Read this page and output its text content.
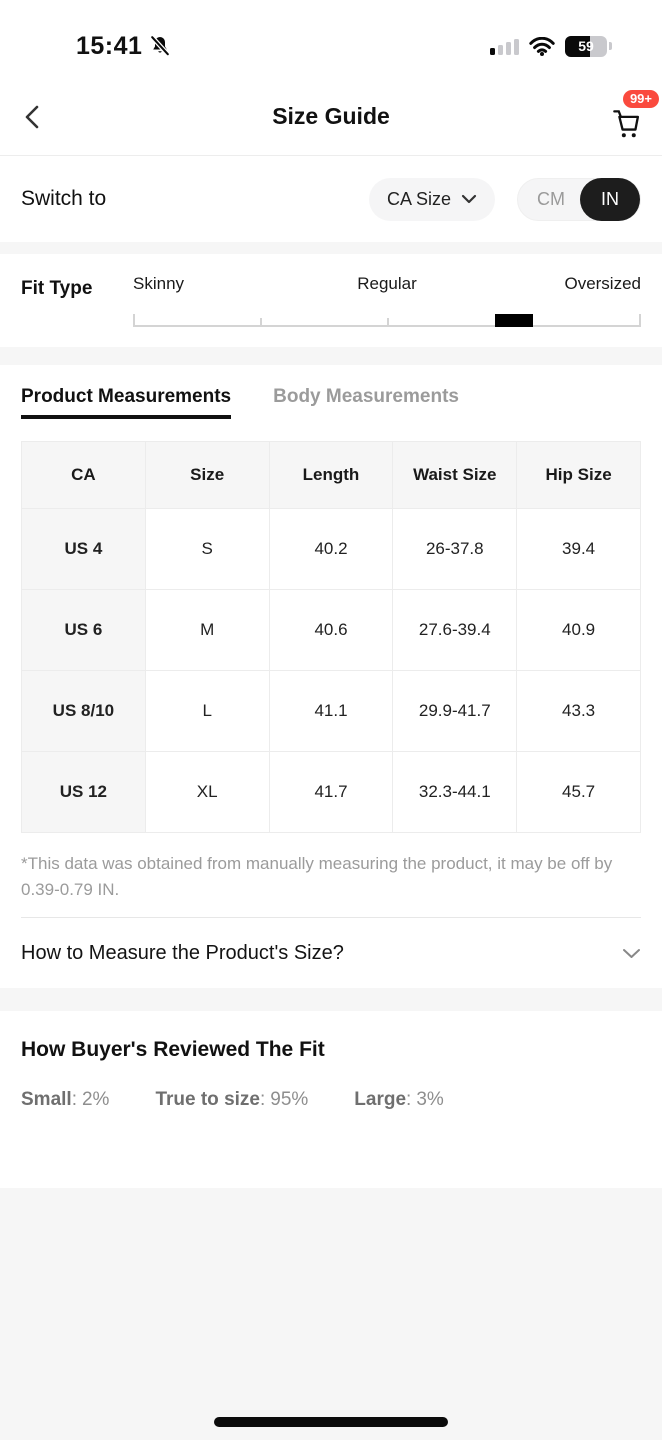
15:41	59
Size Guide
99+
Switch to	CA Size	CM	IN
Fit Type	Skinny	Regular	Oversized
Product Measurements Body Measurements
CA	Size	Length	Waist Size	Hip Size
US 4	S	40.2	26-37.8	39.4
US 6	M	40.6	27.6-39.4	40.9
US 8/10	L	41.1	29.9-41.7	43.3
US 12	XL	41.7	32.3-44.1	45.7

*This data was obtained from manually measuring the product, it may be off by 0.39-0.79 IN.

How to Measure the Product's Size?
How Buyer's Reviewed The Fit
Small: 2% True to size: 95% Large: 3%
